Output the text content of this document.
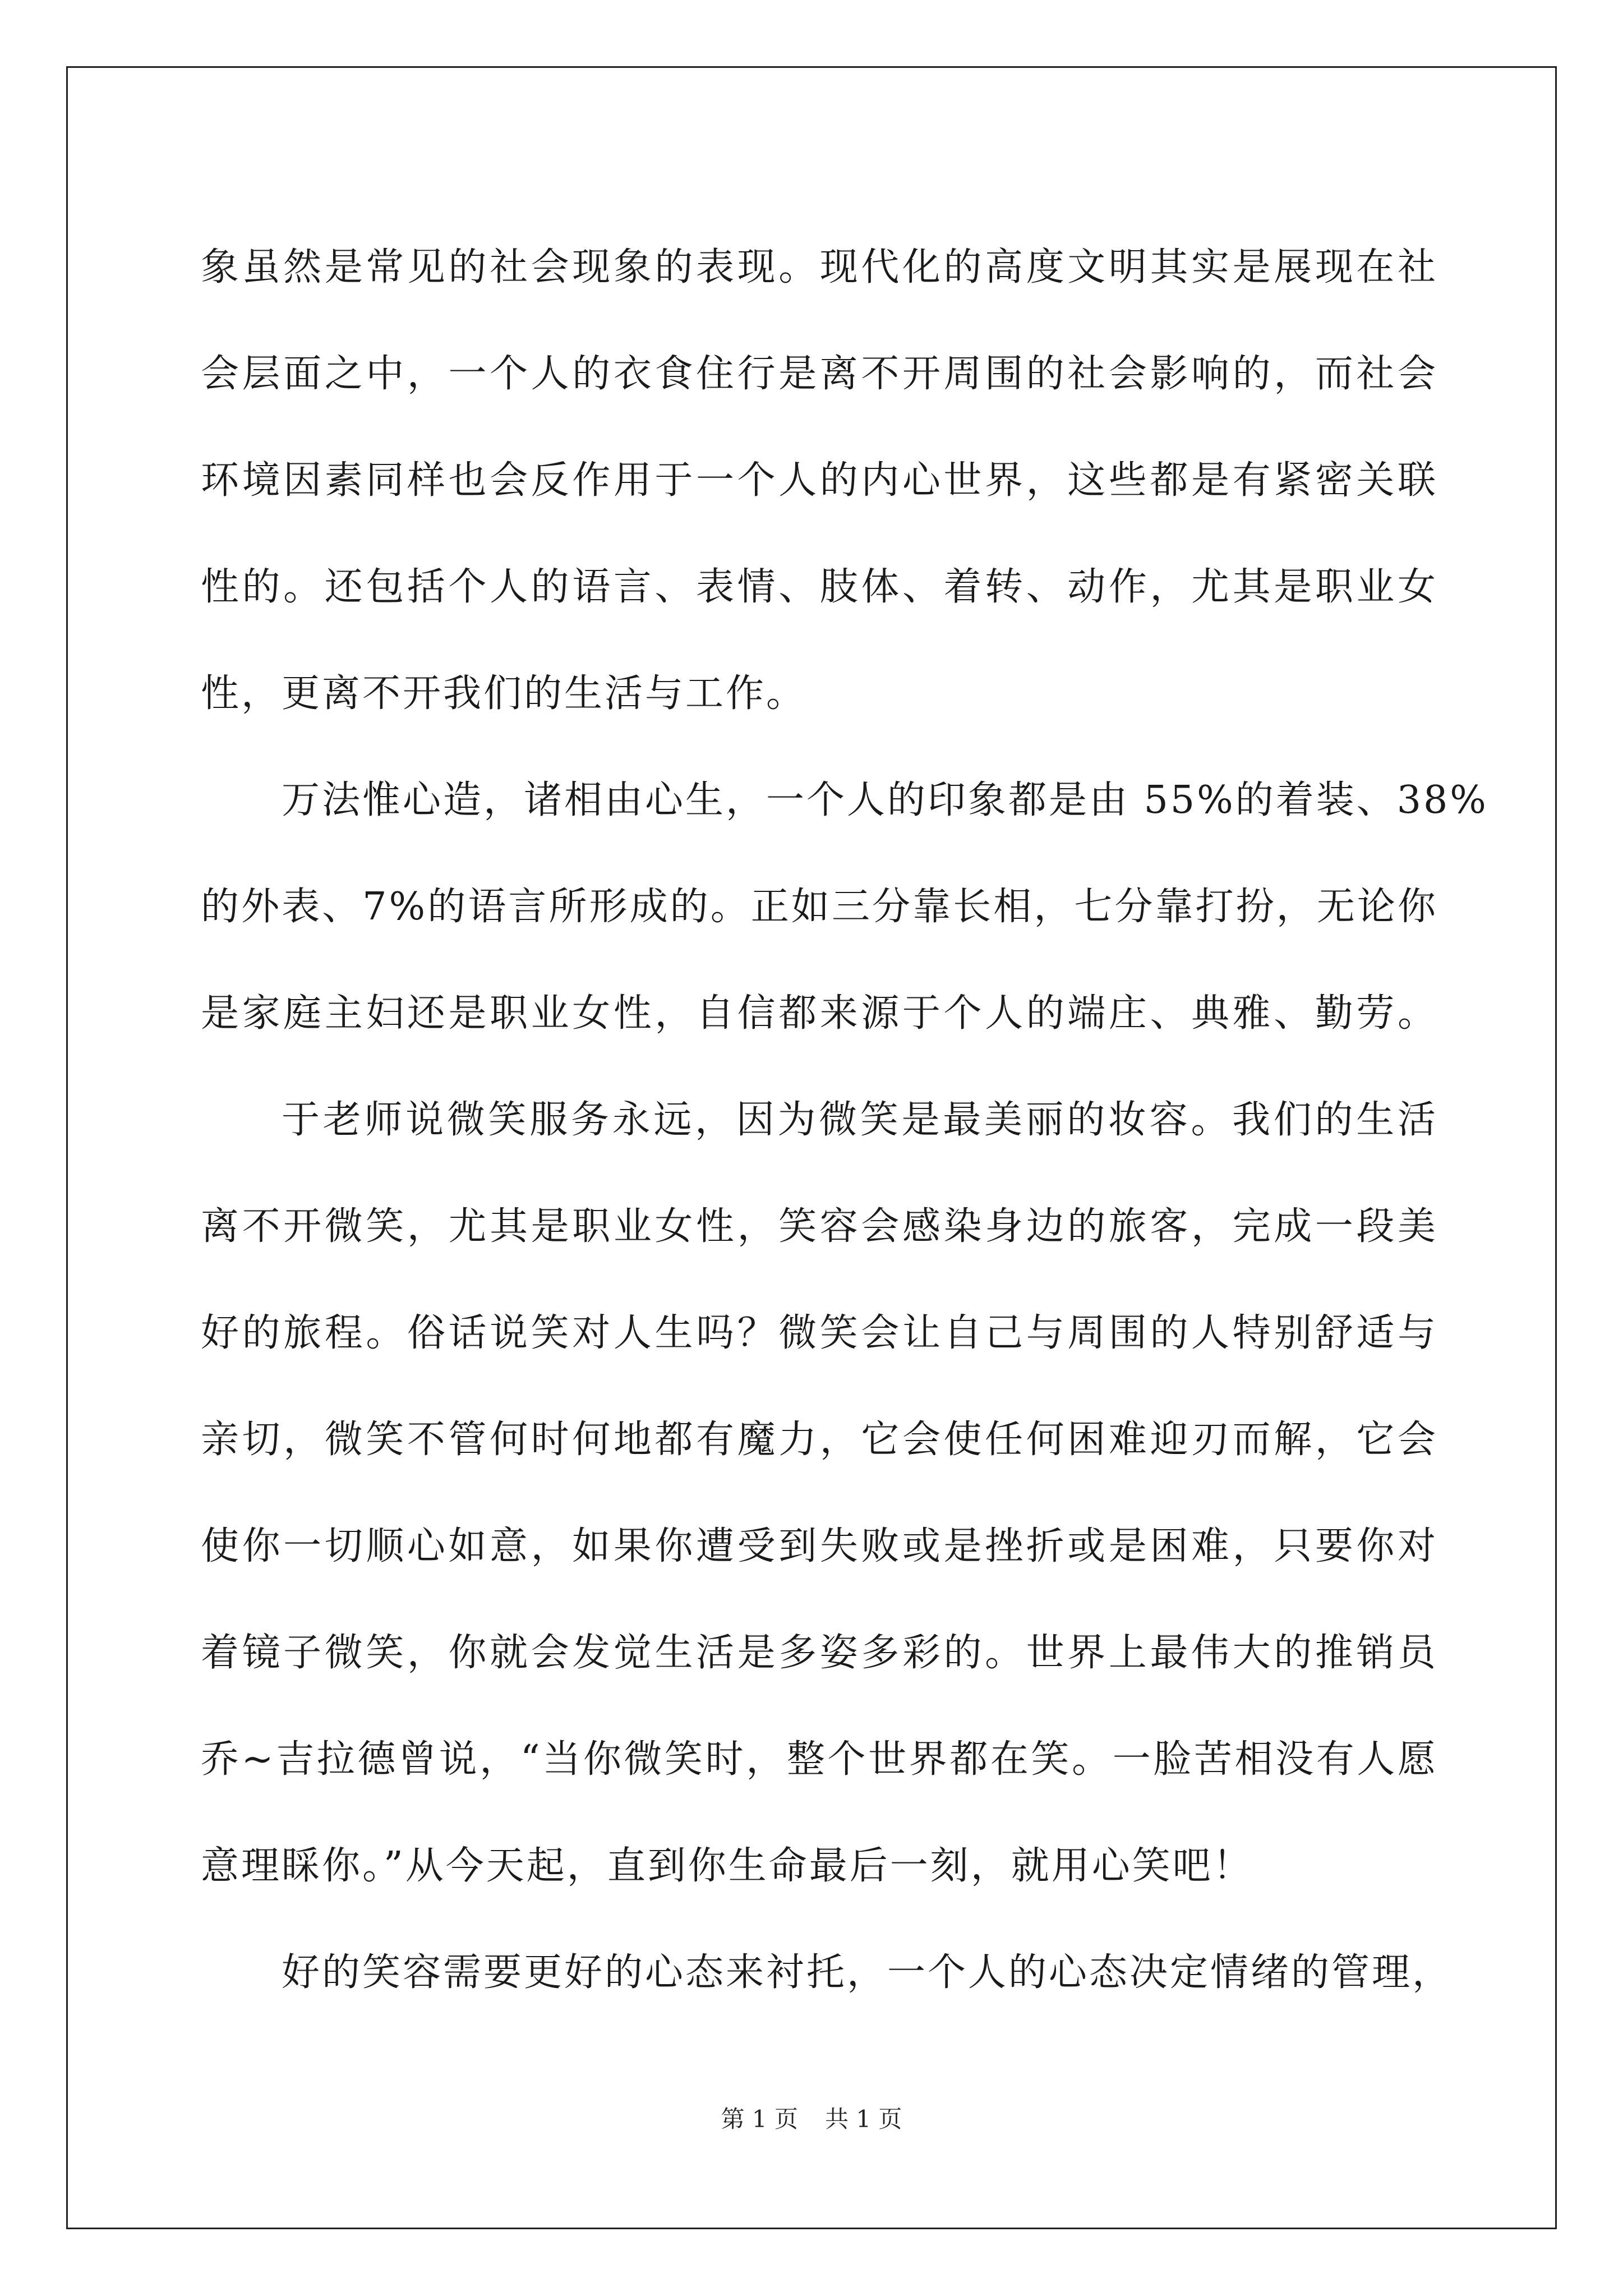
象虽然是常见的社会现象的表现。现代化的高度文明其实是展现在社
会层面之中，一个人的衣食住行是离不开周围的社会影响的，而社会
环境因素同样也会反作用于一个人的内心世界，这些都是有紧密关联
性的。还包括个人的语言、表情、肢体、着转、动作，尤其是职业女
性，更离不开我们的生活与工作。
万法惟心造，诸相由心生，一个人的印象都是由 55%的着装、38%
的外表、7%的语言所形成的。正如三分靠长相，七分靠打扮，无论你
是家庭主妇还是职业女性，自信都来源于个人的端庄、典雅、勤劳。
于老师说微笑服务永远，因为微笑是最美丽的妆容。我们的生活
离不开微笑，尤其是职业女性，笑容会感染身边的旅客，完成一段美
好的旅程。俗话说笑对人生吗？微笑会让自己与周围的人特别舒适与
亲切，微笑不管何时何地都有魔力，它会使任何困难迎刃而解，它会
使你一切顺心如意，如果你遭受到失败或是挫折或是困难，只要你对
着镜子微笑，你就会发觉生活是多姿多彩的。世界上最伟大的推销员
乔~吉拉德曾说，“当你微笑时，整个世界都在笑。一脸苦相没有人愿
意理睬你。”从今天起，直到你生命最后一刻，就用心笑吧！
好的笑容需要更好的心态来衬托，一个人的心态决定情绪的管理，
第 1 页 共 1 页
